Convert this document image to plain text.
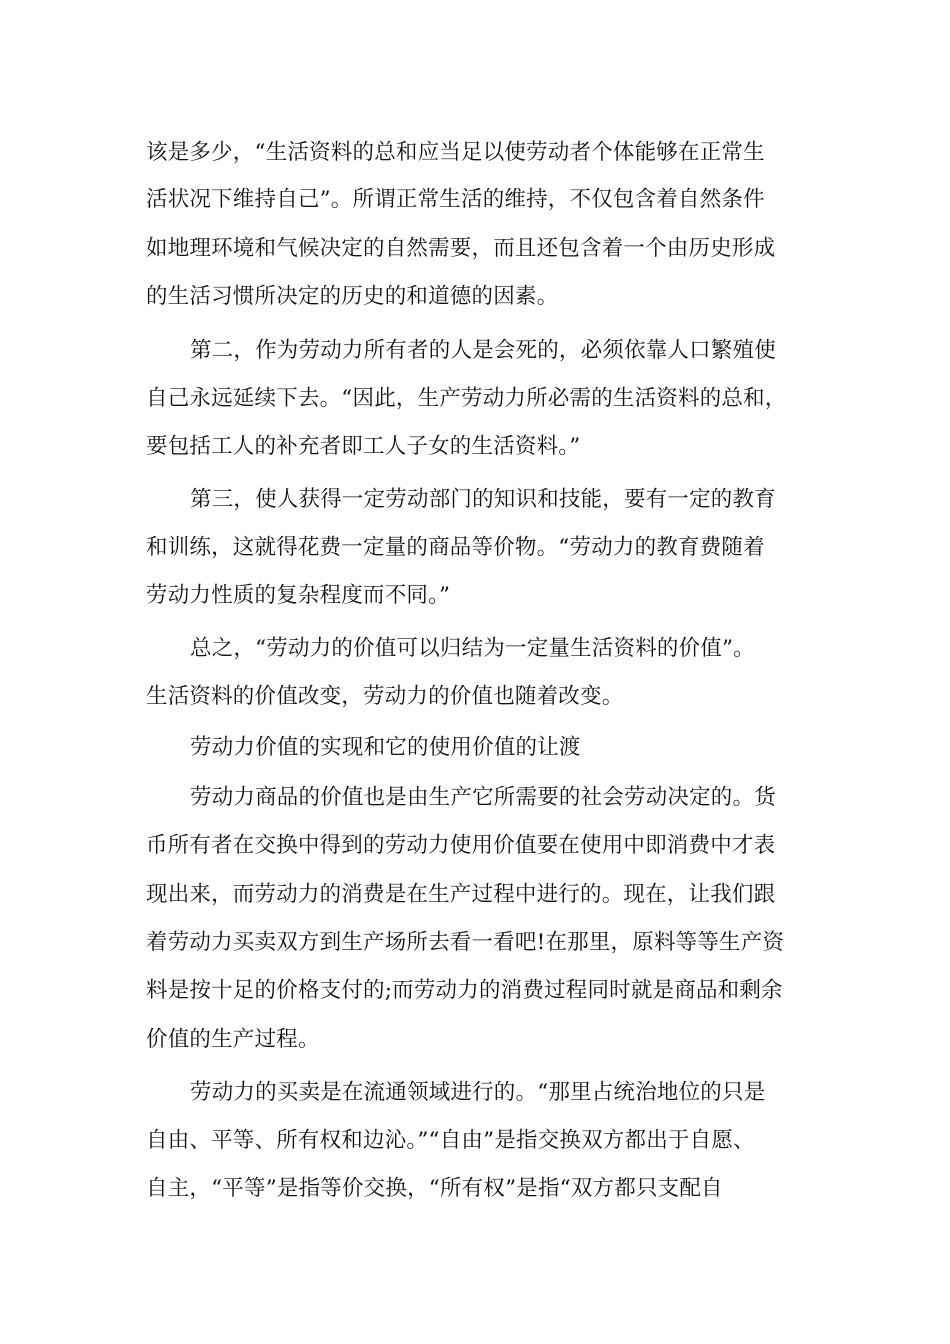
该是多少，“生活资料的总和应当足以使劳动者个体能够在正常生
活状况下维持自己”。所谓正常生活的维持，不仅包含着自然条件
如地理环境和气候决定的自然需要，而且还包含着一个由历史形成
的生活习惯所决定的历史的和道德的因素。
第二，作为劳动力所有者的人是会死的，必须依靠人口繁殖使
自己永远延续下去。“因此，生产劳动力所必需的生活资料的总和，
要包括工人的补充者即工人子女的生活资料。”
第三，使人获得一定劳动部门的知识和技能，要有一定的教育
和训练，这就得花费一定量的商品等价物。“劳动力的教育费随着
劳动力性质的复杂程度而不同。”
总之，“劳动力的价值可以归结为一定量生活资料的价值”。
生活资料的价值改变，劳动力的价值也随着改变。
劳动力价值的实现和它的使用价值的让渡
劳动力商品的价值也是由生产它所需要的社会劳动决定的。货
币所有者在交换中得到的劳动力使用价值要在使用中即消费中才表
现出来，而劳动力的消费是在生产过程中进行的。现在，让我们跟
着劳动力买卖双方到生产场所去看一看吧!在那里，原料等等生产资
料是按十足的价格支付的;而劳动力的消费过程同时就是商品和剩余
价值的生产过程。
劳动力的买卖是在流通领域进行的。“那里占统治地位的只是
自由、平等、所有权和边沁。”“自由”是指交换双方都出于自愿、
自主，“平等”是指等价交换，“所有权”是指“双方都只支配自
